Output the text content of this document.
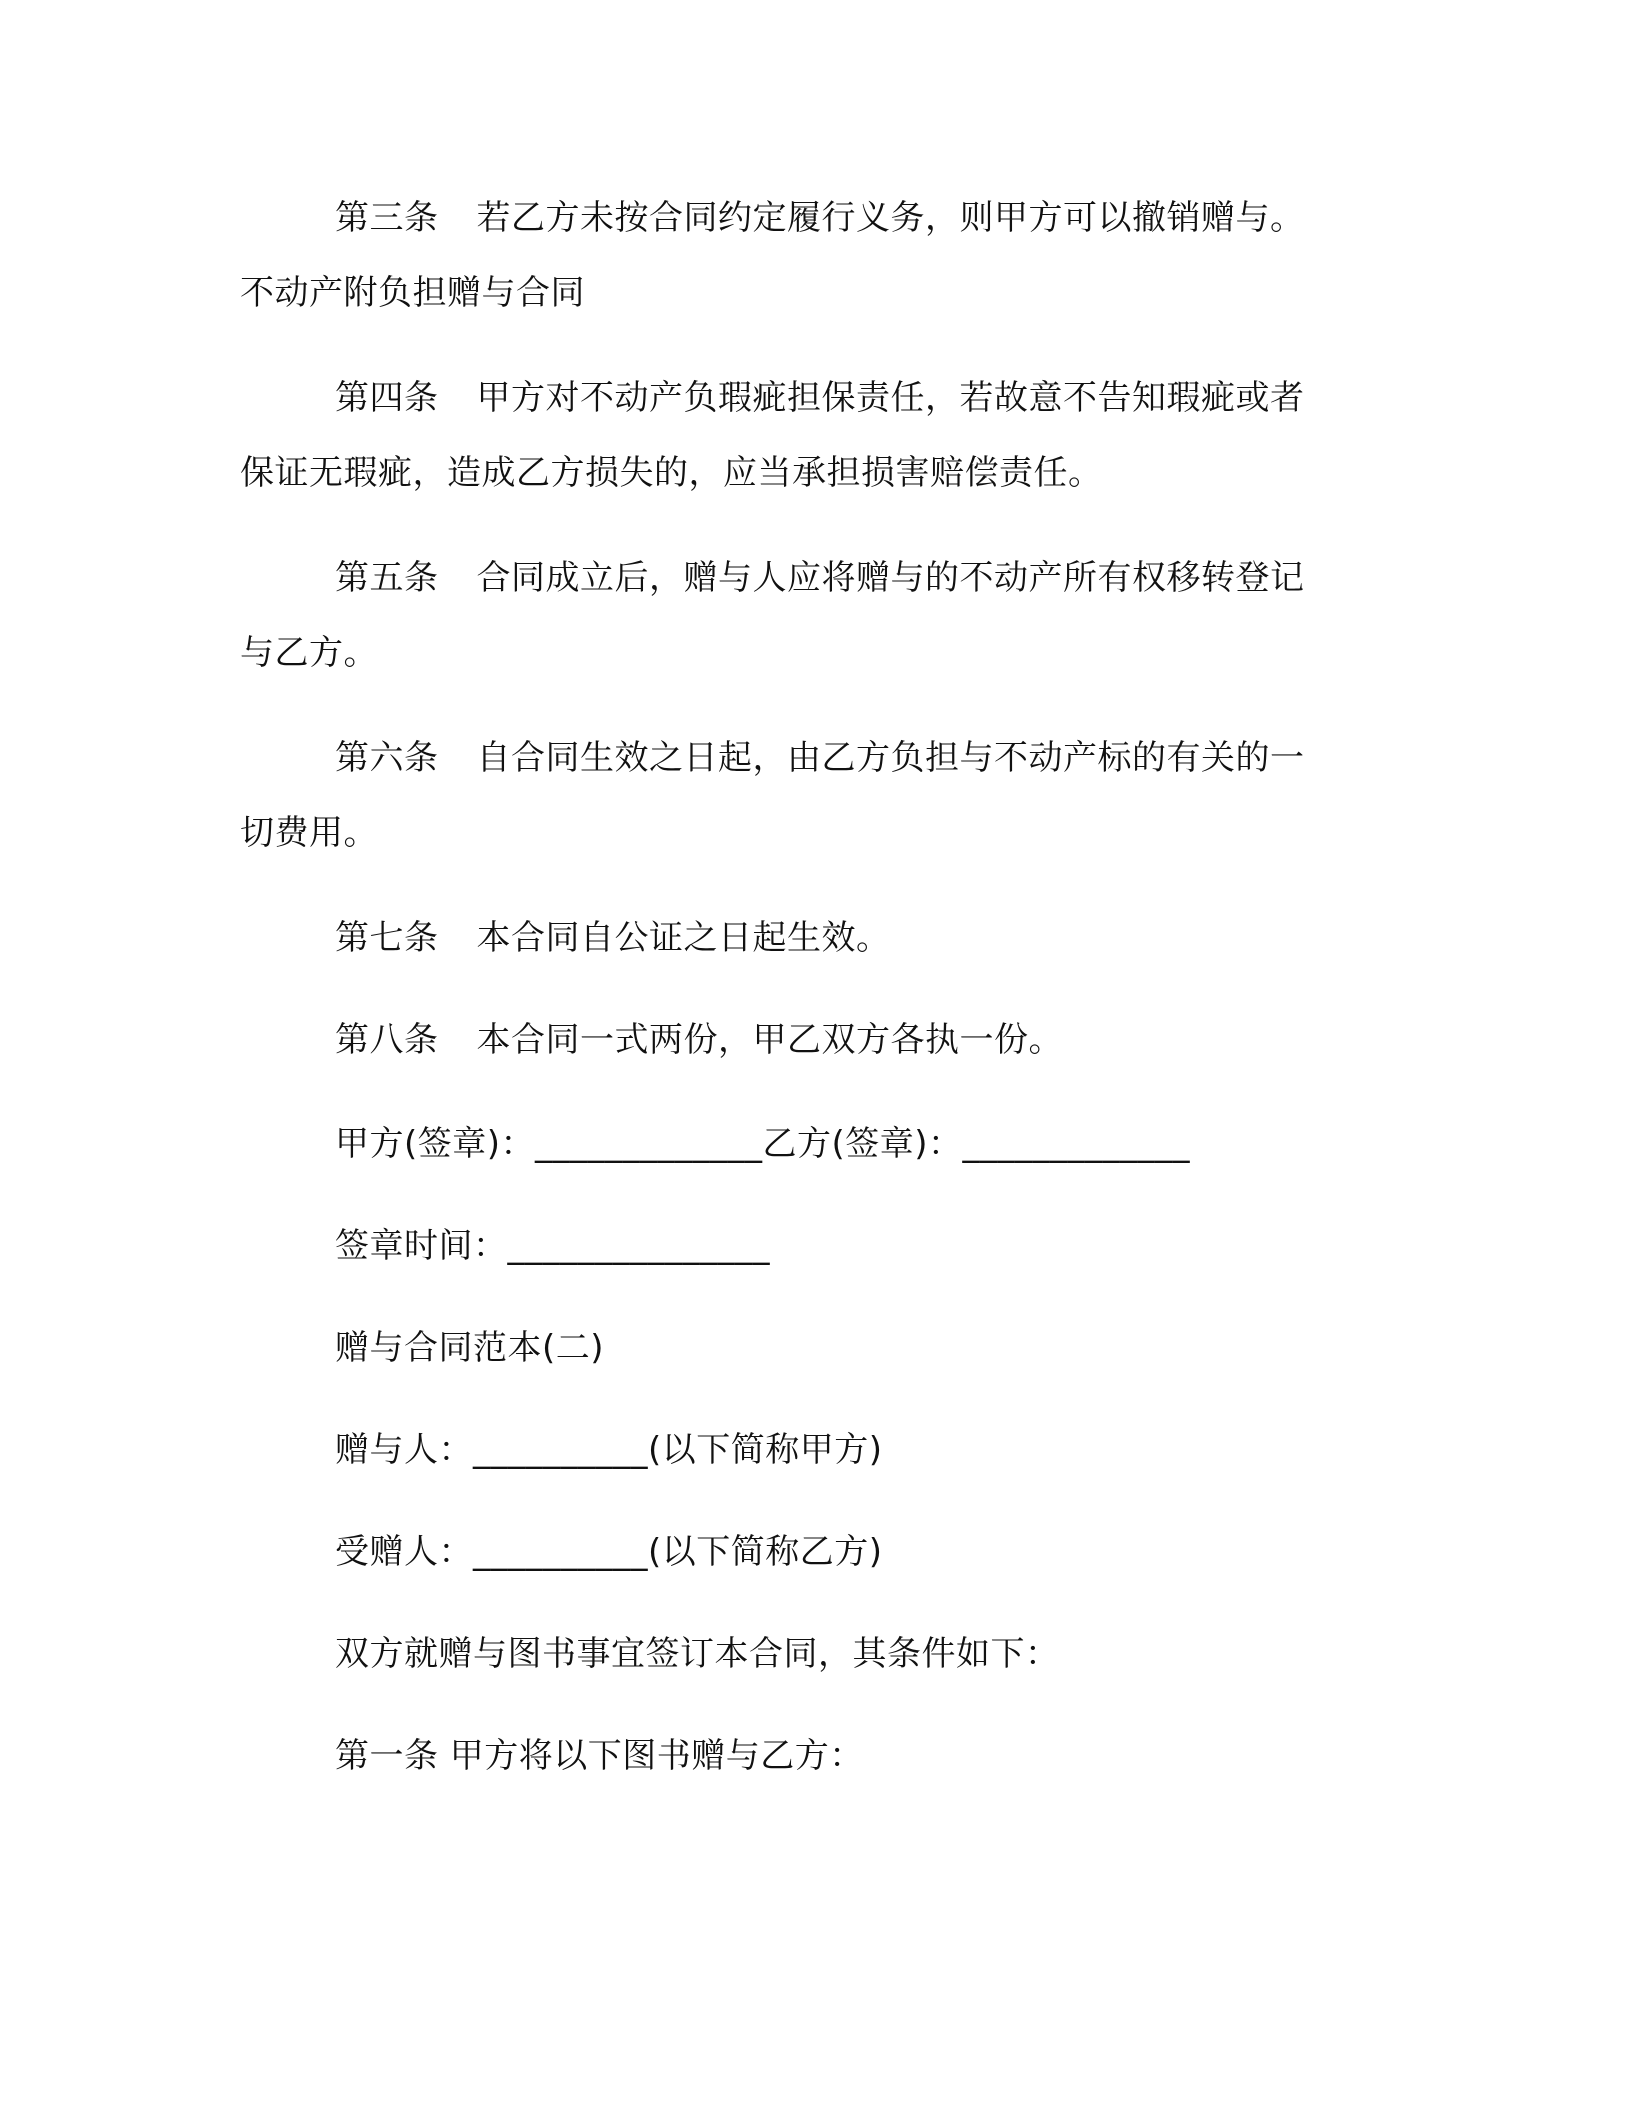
第三条 若乙方未按合同约定履行义务，则甲方可以撤销赠与。
不动产附负担赠与合同
第四条 甲方对不动产负瑕疵担保责任，若故意不告知瑕疵或者
保证无瑕疵，造成乙方损失的，应当承担损害赔偿责任。
第五条 合同成立后，赠与人应将赠与的不动产所有权移转登记
与乙方。
第六条 自合同生效之日起，由乙方负担与不动产标的有关的一
切费用。
第七条 本合同自公证之日起生效。
第八条 本合同一式两份，甲乙双方各执一份。
甲方(签章)：_____________乙方(签章)：_____________
签章时间：_______________
赠与合同范本(二)
赠与人：__________(以下简称甲方)
受赠人：__________(以下简称乙方)
双方就赠与图书事宜签订本合同，其条件如下：
第一条 甲方将以下图书赠与乙方：
